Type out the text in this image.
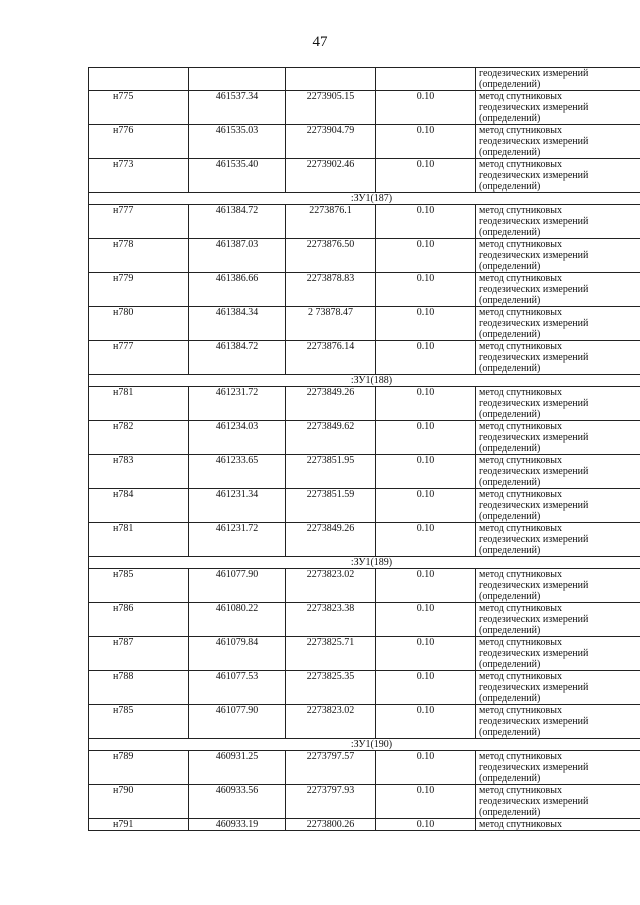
47

				геодезических измерений
(определений)

н775	461537.34	2273905.15	0.10	метод спутниковых
геодезических измерений
(определений)

н776	461535.03	2273904.79	0.10	метод спутниковых
геодезических измерений
(определений)

н773	461535.40	2273902.46	0.10	метод спутниковых
геодезических измерений
(определений)

:ЗУ1(187)				

н777	461384.72	2273876.1	0.10	метод спутниковых
геодезических измерений
(определений)

н778	461387.03	2273876.50	0.10	метод спутниковых
геодезических измерений
(определений)

н779	461386.66	2273878.83	0.10	метод спутниковых
геодезических измерений
(определений)

н780	461384.34	2 73878.47	0.10	метод спутниковых
геодезических измерений
(определений)

н777	461384.72	2273876.14	0.10	метод спутниковых
геодезических измерений
(определений)

:ЗУ1(188)				

н781	461231.72	2273849.26	0.10	метод спутниковых
геодезических измерений
(определений)

н782	461234.03	2273849.62	0.10	метод спутниковых
геодезических измерений
(определений)

н783	461233.65	2273851.95	0.10	метод спутниковых
геодезических измерений
(определений)

н784	461231.34	2273851.59	0.10	метод спутниковых
геодезических измерений
(определений)

н781	461231.72	2273849.26	0.10	метод спутниковых
геодезических измерений
(определений)

:ЗУ1(189)				

н785	461077.90	2273823.02	0.10	метод спутниковых
геодезических измерений
(определений)

н786	461080.22	2273823.38	0.10	метод спутниковых
геодезических измерений
(определений)

н787	461079.84	2273825.71	0.10	метод спутниковых
геодезических измерений
(определений)

н788	461077.53	2273825.35	0.10	метод спутниковых
геодезических измерений
(определений)

н785	461077.90	2273823.02	0.10	метод спутниковых
геодезических измерений
(определений)

:ЗУ1(190)				

н789	460931.25	2273797.57	0.10	метод спутниковых
геодезических измерений
(определений)

н790	460933.56	2273797.93	0.10	метод спутниковых
геодезических измерений
(определений)

н791	460933.19	2273800.26	0.10	метод спутниковых
